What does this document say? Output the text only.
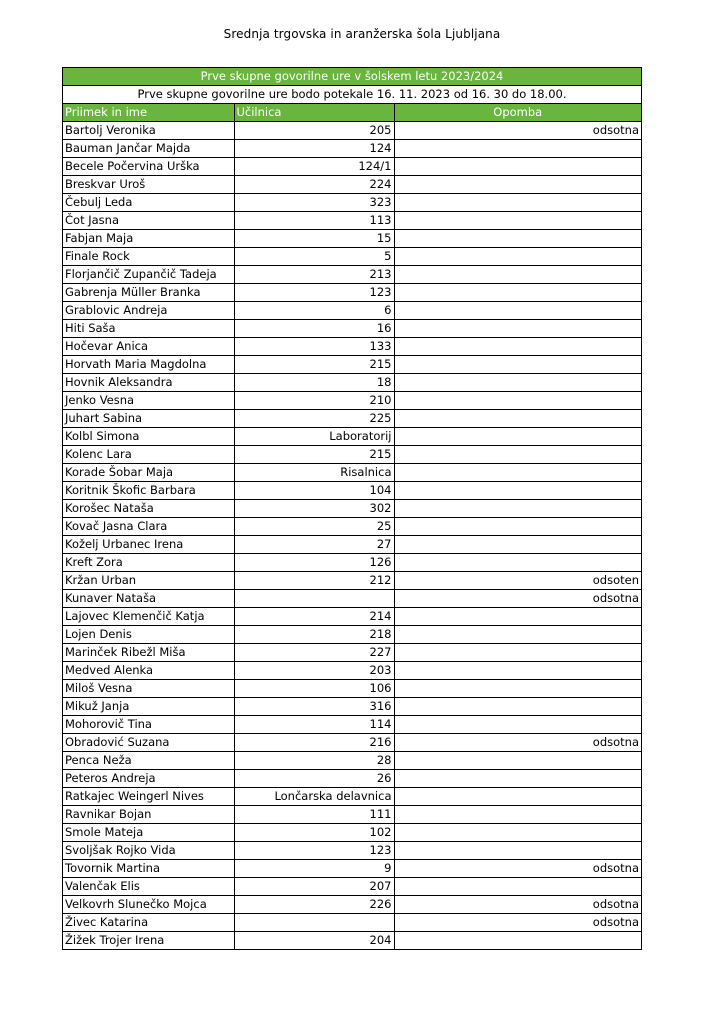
Srednja trgovska in aranžerska šola Ljubljana
Prve skupne govorilne ure v šolskem letu 2023/2024
Prve skupne govorilne ure bodo potekale 16. 11. 2023 od 16. 30 do 18.00.
Priimek in ime	Učilnica	Opomba
Bartolj Veronika	205	odsotna
Bauman Jančar Majda	124	
Becele Počervina Urška	124/1	
Breskvar Uroš	224	
Čebulj Leda	323	
Čot Jasna	113	
Fabjan Maja	15	
Finale Rock	5	
Florjančič Zupančič Tadeja	213	
Gabrenja Müller Branka	123	
Grablovic Andreja	6	
Hiti Saša	16	
Hočevar Anica	133	
Horvath Maria Magdolna	215	
Hovnik Aleksandra	18	
Jenko Vesna	210	
Juhart Sabina	225	
Kolbl Simona	Laboratorij	
Kolenc Lara	215	
Korade Šobar Maja	Risalnica	
Koritnik Škofic Barbara	104	
Korošec Nataša	302	
Kovač Jasna Clara	25	
Koželj Urbanec Irena	27	
Kreft Zora	126	
Kržan Urban	212	odsoten
Kunaver Nataša		odsotna
Lajovec Klemenčič Katja	214	
Lojen Denis	218	
Marinček Ribežl Miša	227	
Medved Alenka	203	
Miloš Vesna	106	
Mikuž Janja	316	
Mohorovič Tina	114	
Obradović Suzana	216	odsotna
Penca Neža	28	
Peteros Andreja	26	
Ratkajec Weingerl Nives	Lončarska delavnica	
Ravnikar Bojan	111	
Smole Mateja	102	
Svoljšak Rojko Vida	123	
Tovornik Martina	9	odsotna
Valenčak Elis	207	
Velkovrh Slunečko Mojca	226	odsotna
Živec Katarina		odsotna
Žižek Trojer Irena	204	
